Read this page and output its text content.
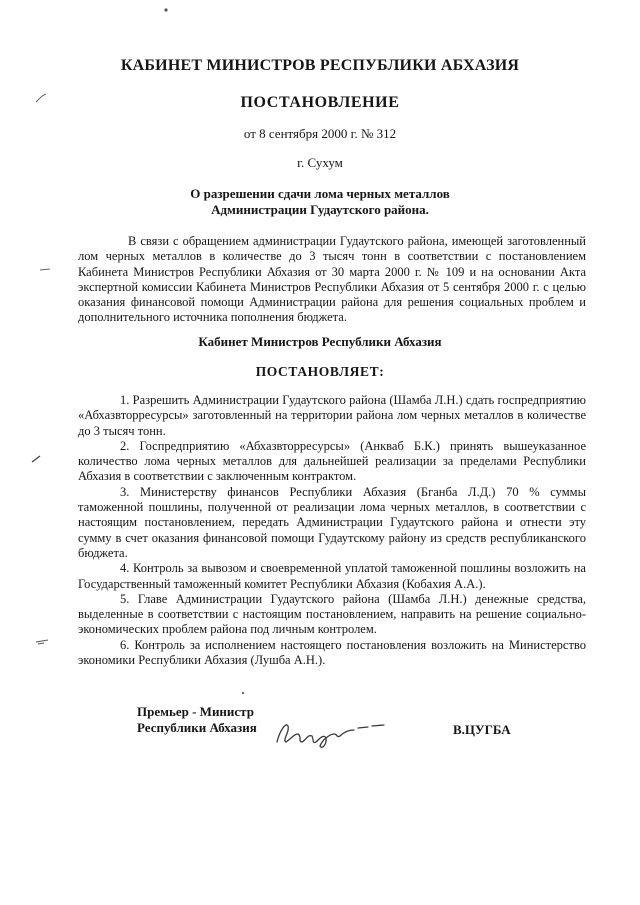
КАБИНЕТ МИНИСТРОВ РЕСПУБЛИКИ АБХАЗИЯ
ПОСТАНОВЛЕНИЕ
от 8 сентября 2000 г. № 312
г. Сухум
О разрешении сдачи лома черных металлов
Администрации Гудаутского района.
В связи с обращением администрации Гудаутского района, имеющей заготовленный лом черных металлов в количестве до 3 тысяч тонн в соответствии с постановлением Кабинета Министров Республики Абхазия от 30 марта 2000 г. № 109 и на основании Акта экспертной комиссии Кабинета Министров Республики Абхазия от 5 сентября 2000 г. с целью оказания финансовой помощи Администрации района для решения социальных проблем и дополнительного источника пополнения бюджета.
Кабинет Министров Республики Абхазия
ПОСТАНОВЛЯЕТ:

1. Разрешить Администрации Гудаутского района (Шамба Л.Н.) сдать госпредприятию «Абхазвторресурсы» заготовленный на территории района лом черных металлов в количестве до 3 тысяч тонн.

2. Госпредприятию «Абхазвторресурсы» (Анкваб Б.К.) принять вышеуказанное количество лома черных металлов для дальнейшей реализации за пределами Республики Абхазия в соответствии с заключенным контрактом.

3. Министерству финансов Республики Абхазия (Бганба Л.Д.) 70 % суммы таможенной пошлины, полученной от реализации лома черных металлов, в соответствии с настоящим постановлением, передать Администрации Гудаутского района и отнести эту сумму в счет оказания финансовой помощи Гудаутскому району из средств республиканского бюджета.

4. Контроль за вывозом и своевременной уплатой таможенной пошлины возложить на Государственный таможенный комитет Республики Абхазия (Кобахия А.А.).

5. Главе Администрации Гудаутского района (Шамба Л.Н.) денежные средства, выделенные в соответствии с настоящим постановлением, направить на решение социально-экономических проблем района под личным контролем.

6. Контроль за исполнением настоящего постановления возложить на Министерство экономики Республики Абхазия (Лушба А.Н.).

Премьер - Министр
Республики Абхазия	В.ЦУГБА
